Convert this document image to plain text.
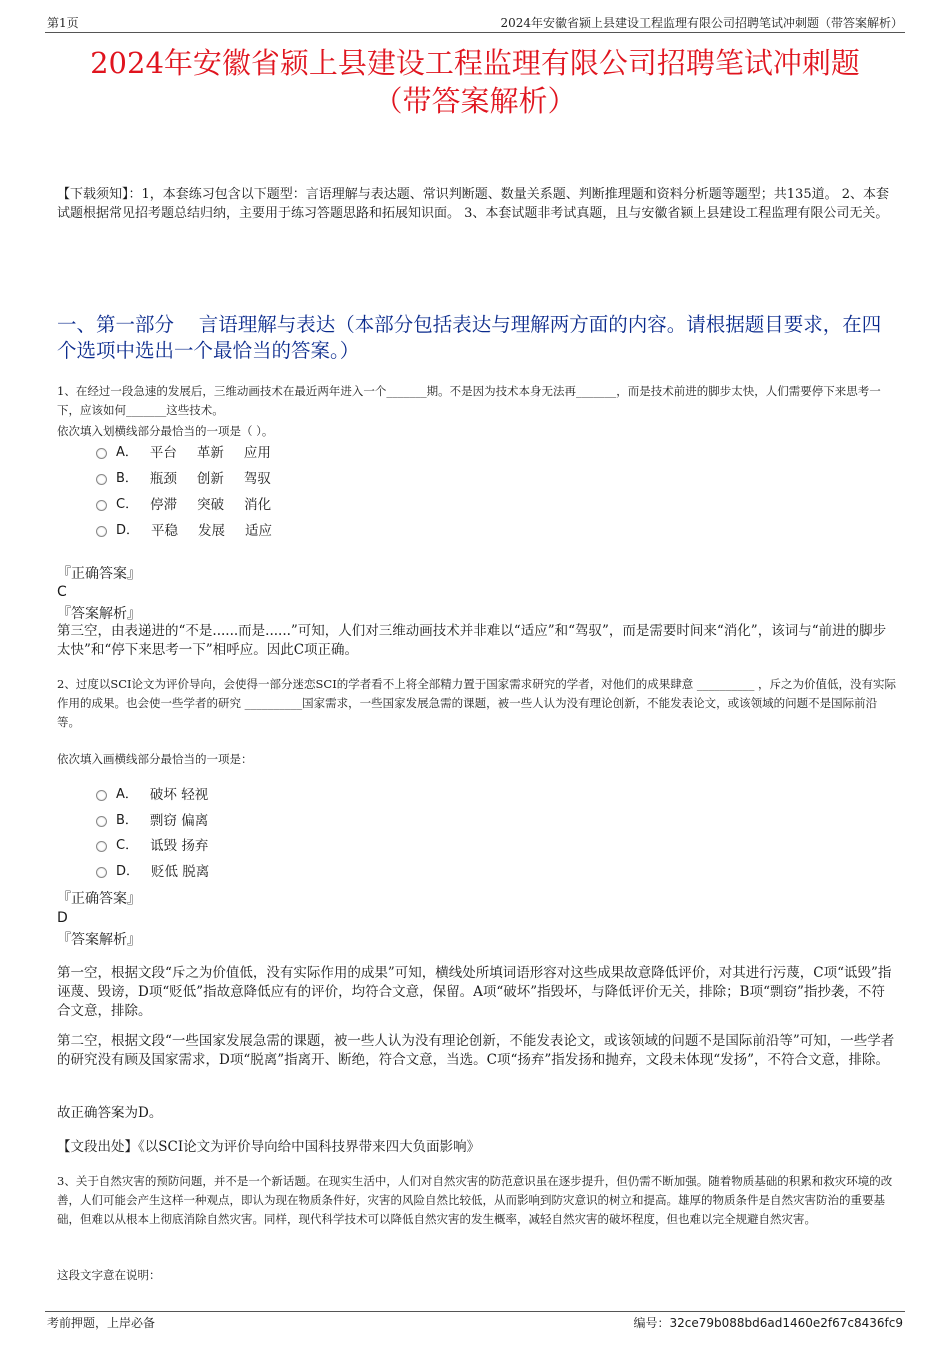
第1页	2024年安徽省颍上县建设工程监理有限公司招聘笔试冲刺题（带答案解析）
2024年安徽省颍上县建设工程监理有限公司招聘笔试冲刺题
（带答案解析）
【下载须知】：1，本套练习包含以下题型：言语理解与表达题、常识判断题、数量关系题、判断推理题和资料分析题等题型；共135道。 2、本套试题根据常见招考题总结归纳，主要用于练习答题思路和拓展知识面。 3、本套试题非考试真题，且与安徽省颍上县建设工程监理有限公司无关。
一、第一部分    言语理解与表达（本部分包括表达与理解两方面的内容。请根据题目要求，在四个选项中选出一个最恰当的答案。）
1、在经过一段急速的发展后，三维动画技术在最近两年进入一个_______期。不是因为技术本身无法再_______，而是技术前进的脚步太快，人们需要停下来思考一下，应该如何_______这些技术。
依次填入划横线部分最恰当的一项是（ ）。
A． 平台 革新 应用
B． 瓶颈 创新 驾驭
C． 停滞 突破 消化
D． 平稳 发展 适应
『正确答案』
C
『答案解析』
第三空，由表递进的“不是......而是......”可知，人们对三维动画技术并非难以“适应”和“驾驭”，而是需要时间来“消化”，该词与“前进的脚步太快”和“停下来思考一下”相呼应。因此C项正确。
2、过度以SCI论文为评价导向，会使得一部分迷恋SCI的学者看不上将全部精力置于国家需求研究的学者，对他们的成果肆意 __________ ，斥之为价值低，没有实际作用的成果。也会使一些学者的研究 __________国家需求，一些国家发展急需的课题，被一些人认为没有理论创新，不能发表论文，或该领域的问题不是国际前沿等。
依次填入画横线部分最恰当的一项是：
A． 破坏 轻视
B． 剽窃 偏离
C． 诋毁 扬弃
D． 贬低 脱离
『正确答案』
D
『答案解析』
第一空，根据文段“斥之为价值低，没有实际作用的成果”可知，横线处所填词语形容对这些成果故意降低评价，对其进行污蔑，C项“诋毁”指诬蔑、毁谤，D项“贬低”指故意降低应有的评价，均符合文意，保留。A项“破坏”指毁坏，与降低评价无关，排除；B项“剽窃”指抄袭，不符合文意，排除。
第二空，根据文段“一些国家发展急需的课题，被一些人认为没有理论创新，不能发表论文，或该领域的问题不是国际前沿等”可知，一些学者的研究没有顾及国家需求，D项“脱离”指离开、断绝，符合文意，当选。C项“扬弃”指发扬和抛弃，文段未体现“发扬”，不符合文意，排除。
故正确答案为D。
【文段出处】《以SCI论文为评价导向给中国科技界带来四大负面影响》
3、关于自然灾害的预防问题，并不是一个新话题。在现实生活中，人们对自然灾害的防范意识虽在逐步提升，但仍需不断加强。随着物质基础的积累和救灾环境的改善，人们可能会产生这样一种观点，即认为现在物质条件好，灾害的风险自然比较低，从而影响到防灾意识的树立和提高。雄厚的物质条件是自然灾害防治的重要基础，但难以从根本上彻底消除自然灾害。同样，现代科学技术可以降低自然灾害的发生概率，减轻自然灾害的破坏程度，但也难以完全规避自然灾害。
这段文字意在说明：
考前押题，上岸必备	编号：32ce79b088bd6ad1460e2f67c8436fc9
